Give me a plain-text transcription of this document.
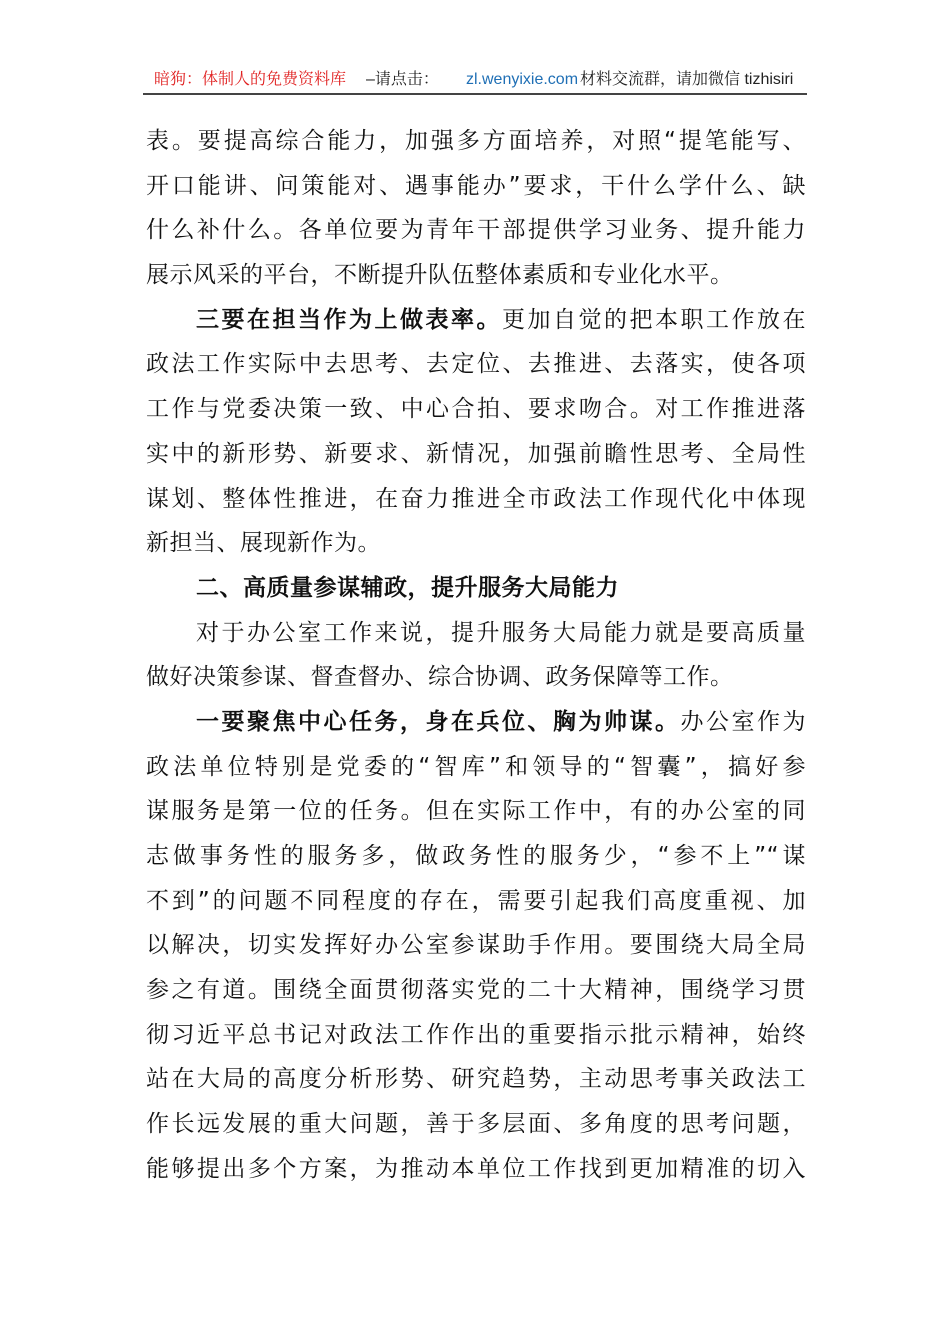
暗狗：体制人的免费资料库 –请点击： zl.wenyixie.com 材料交流群，请加微信 tizhisiri
表。要提高综合能力，加强多方面培养，对照“提笔能写、
开口能讲、问策能对、遇事能办”要求，干什么学什么、缺
什么补什么。各单位要为青年干部提供学习业务、提升能力
展示风采的平台，不断提升队伍整体素质和专业化水平。
三要在担当作为上做表率。更加自觉的把本职工作放在
政法工作实际中去思考、去定位、去推进、去落实，使各项
工作与党委决策一致、中心合拍、要求吻合。对工作推进落
实中的新形势、新要求、新情况，加强前瞻性思考、全局性
谋划、整体性推进，在奋力推进全市政法工作现代化中体现
新担当、展现新作为。
二、高质量参谋辅政，提升服务大局能力
对于办公室工作来说，提升服务大局能力就是要高质量
做好决策参谋、督查督办、综合协调、政务保障等工作。
一要聚焦中心任务，身在兵位、胸为帅谋。办公室作为
政法单位特别是党委的“智库”和领导的“智囊”，搞好参
谋服务是第一位的任务。但在实际工作中，有的办公室的同
志做事务性的服务多，做政务性的服务少，“参不上”“谋
不到”的问题不同程度的存在，需要引起我们高度重视、加
以解决，切实发挥好办公室参谋助手作用。要围绕大局全局
参之有道。围绕全面贯彻落实党的二十大精神，围绕学习贯
彻习近平总书记对政法工作作出的重要指示批示精神，始终
站在大局的高度分析形势、研究趋势，主动思考事关政法工
作长远发展的重大问题，善于多层面、多角度的思考问题，
能够提出多个方案，为推动本单位工作找到更加精准的切入
